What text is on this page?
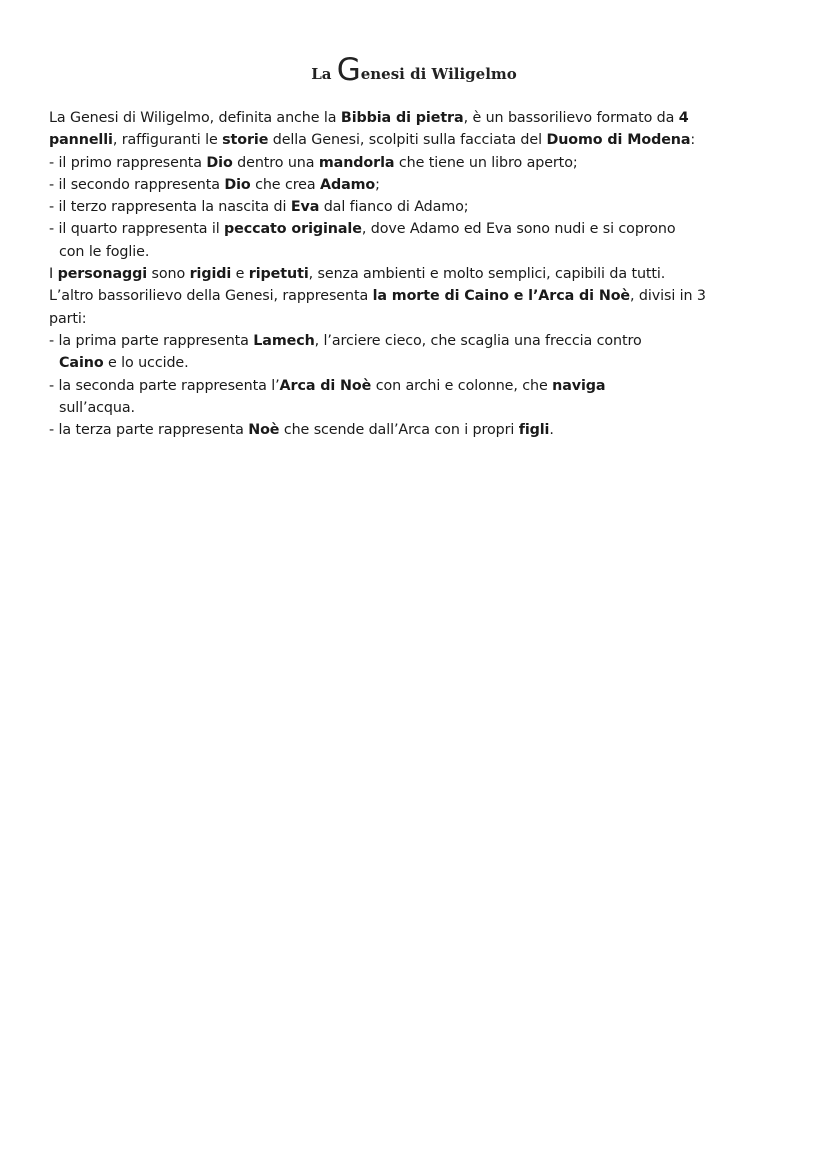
La Genesi di Wiligelmo
La Genesi di Wiligelmo, definita anche la Bibbia di pietra, è un bassorilievo formato da 4
pannelli, raffiguranti le storie della Genesi, scolpiti sulla facciata del Duomo di Modena:
- il primo rappresenta Dio dentro una mandorla che tiene un libro aperto;
- il secondo rappresenta Dio che crea Adamo;
- il terzo rappresenta la nascita di Eva dal fianco di Adamo;
- il quarto rappresenta il peccato originale, dove Adamo ed Eva sono nudi e si coprono
con le foglie.
I personaggi sono rigidi e ripetuti, senza ambienti e molto semplici, capibili da tutti.
L’altro bassorilievo della Genesi, rappresenta la morte di Caino e l’Arca di Noè, divisi in 3
parti:
- la prima parte rappresenta Lamech, l’arciere cieco, che scaglia una freccia contro
Caino e lo uccide.
- la seconda parte rappresenta l’Arca di Noè con archi e colonne, che naviga
sull’acqua.
- la terza parte rappresenta Noè che scende dall’Arca con i propri figli.
